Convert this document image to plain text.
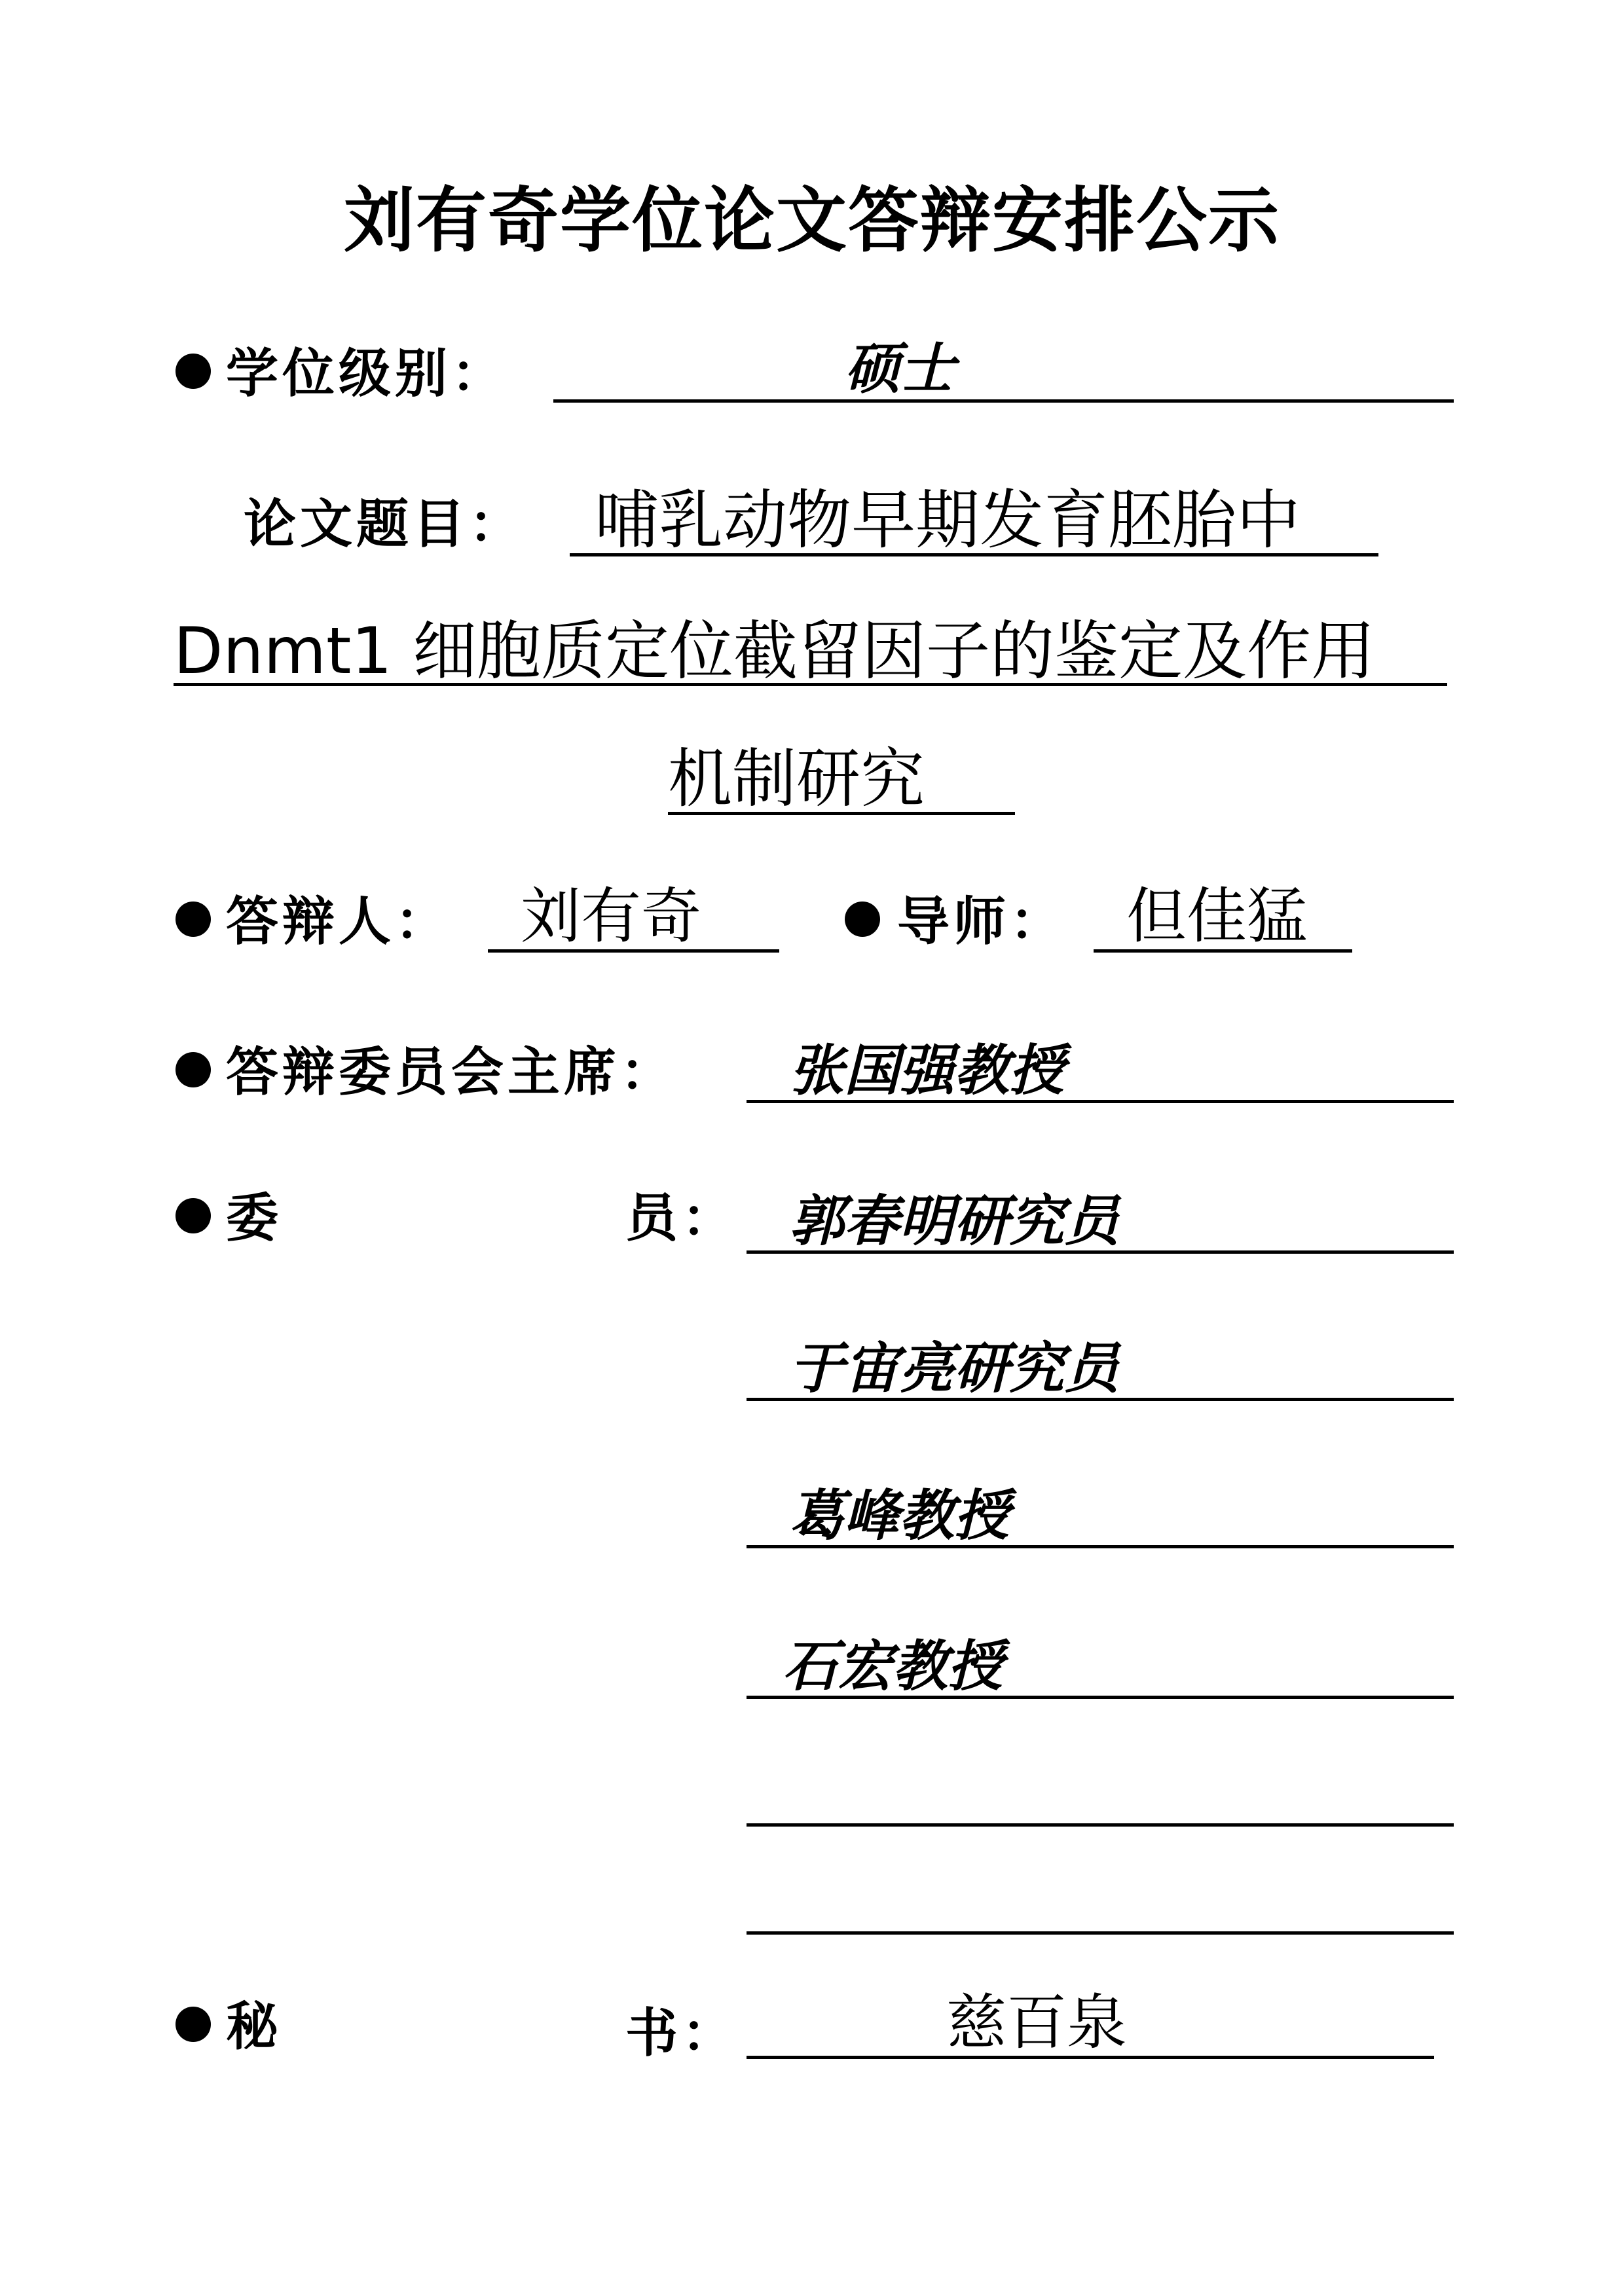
刘有奇学位论文答辩安排公示
学位级别：	硕士
论文题目： 哺乳动物早期发育胚胎中
Dnmt1 细胞质定位截留因子的鉴定及作用
机制研究
答辩人： 刘有奇	导师： 但佳猛
答辩委员会主席： 张国强教授
委	员： 郭春明研究员
于宙亮研究员
葛峰教授
石宏教授
秘	书：	慈百泉
